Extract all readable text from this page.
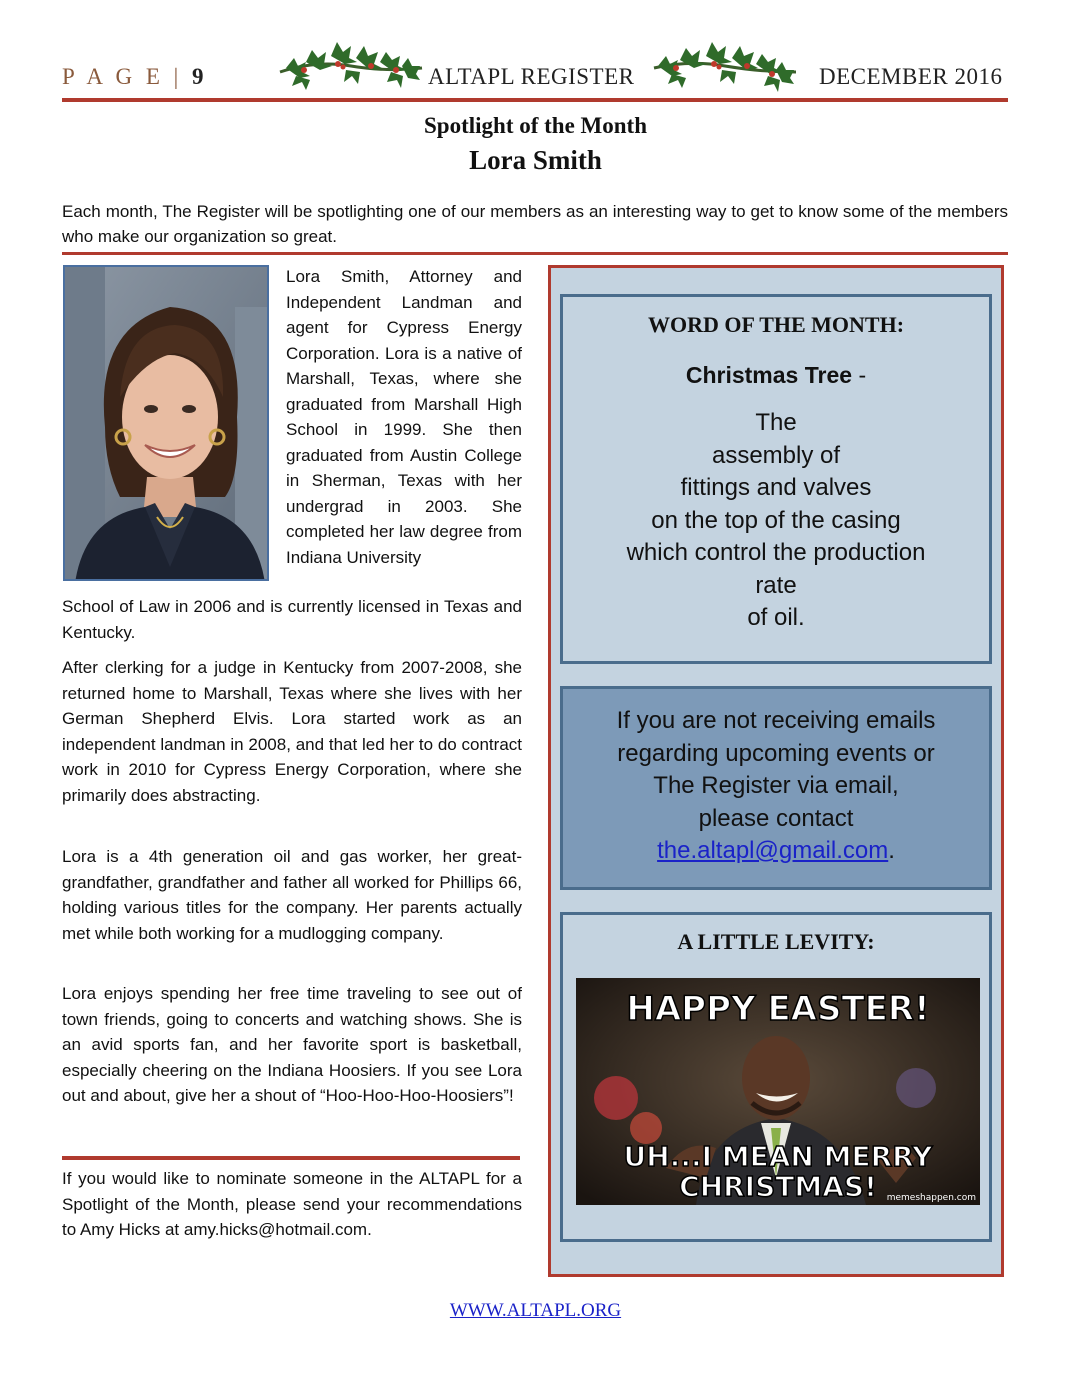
P A G E | 9	ALTAPL REGISTER	DECEMBER 2016
Spotlight of the Month
Lora Smith
Each month, The Register will be spotlighting one of our members as an interesting way to get to know some of the members who make our organization so great.
Lora Smith, Attorney and Independent Landman and agent for Cypress Energy Corporation. Lora is a native of Marshall, Texas, where she graduated from Marshall High School in 1999. She then graduated from Austin College in Sherman, Texas with her undergrad in 2003. She completed her law degree from Indiana University
School of Law in 2006 and is currently licensed in Texas and Kentucky.
After clerking for a judge in Kentucky from 2007-2008, she returned home to Marshall, Texas where she lives with her German Shepherd Elvis. Lora started work as an independent landman in 2008, and that led her to do contract work in 2010 for Cypress Energy Corporation, where she primarily does abstracting.
Lora is a 4th generation oil and gas worker, her great-grandfather, grandfather and father all worked for Phillips 66, holding various titles for the company. Her parents actually met while both working for a mudlogging company.
Lora enjoys spending her free time traveling to see out of town friends, going to concerts and watching shows. She is an avid sports fan, and her favorite sport is basketball, especially cheering on the Indiana Hoosiers. If you see Lora out and about, give her a shout of “Hoo-Hoo-Hoo-Hoosiers”!
If you would like to nominate someone in the ALTAPL for a Spotlight of the Month, please send your recommendations to Amy Hicks at amy.hicks@hotmail.com.
WORD OF THE MONTH:
Christmas Tree -
The
assembly of
fittings and valves
on the top of the casing
which control the production
rate
of oil.
If you are not receiving emails
regarding upcoming events or
The Register via email,
please contact
the.altapl@gmail.com.
A LITTLE LEVITY:
HAPPY EASTER!
UH...I MEAN MERRY
CHRISTMAS! memeshappen.com
WWW.ALTAPL.ORG
